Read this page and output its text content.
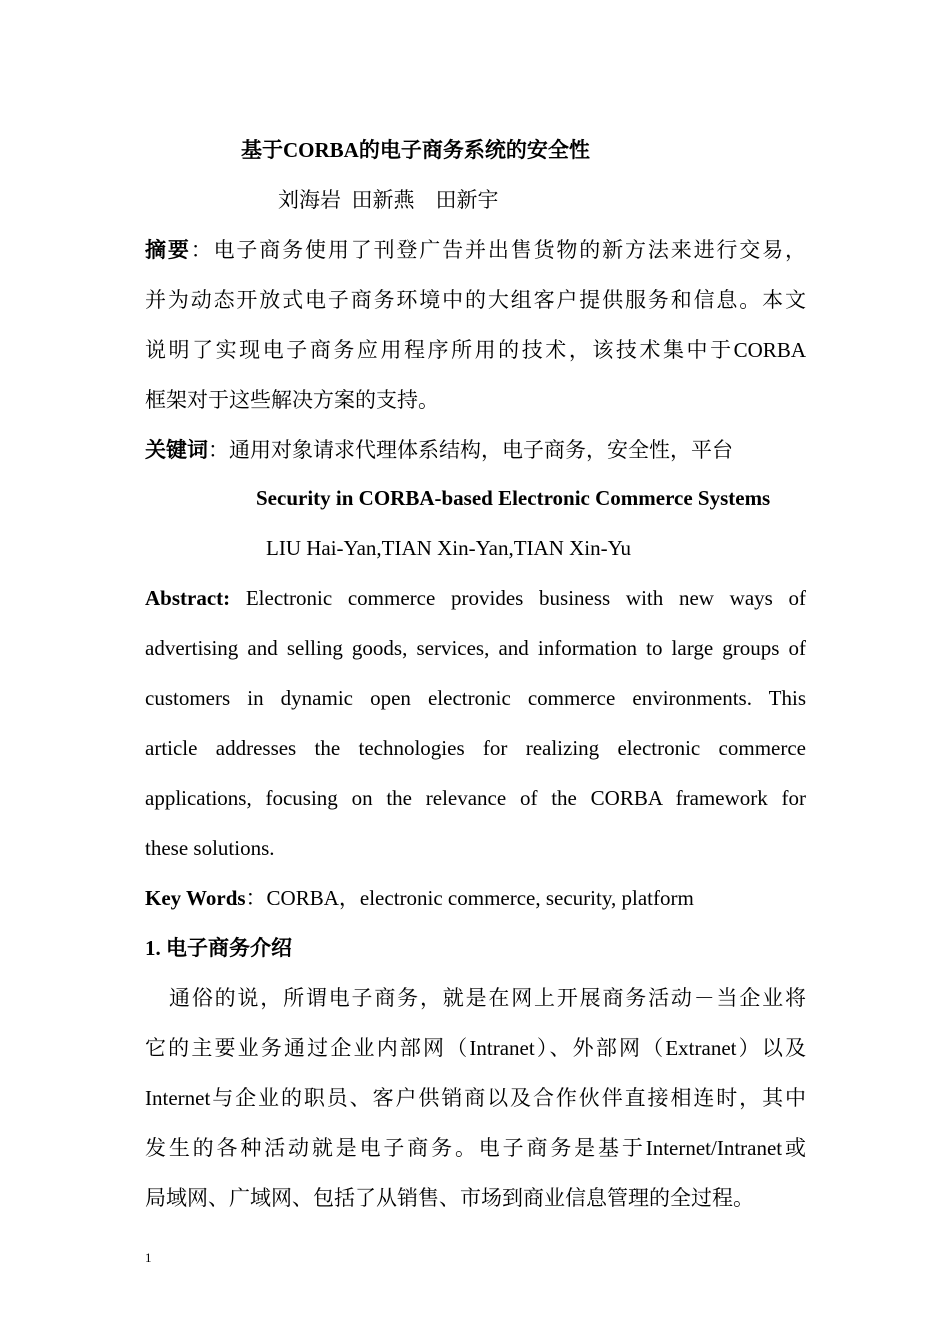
基于CORBA的电子商务系统的安全性
刘海岩  田新燕    田新宇
摘要：电子商务使用了刊登广告并出售货物的新方法来进行交易，
并为动态开放式电子商务环境中的大组客户提供服务和信息。本文
说明了实现电子商务应用程序所用的技术，该技术集中于CORBA
框架对于这些解决方案的支持。
关键词：通用对象请求代理体系结构，电子商务，安全性，平台
Security in CORBA-based Electronic Commerce Systems
LIU Hai-Yan,TIAN Xin-Yan,TIAN Xin-Yu
Abstract: Electronic commerce provides business with new ways of
advertising and selling goods, services, and information to large groups of
customers in dynamic open electronic commerce environments. This
article addresses the technologies for realizing electronic commerce
applications, focusing on the relevance of the CORBA framework for
these solutions.
Key Words：CORBA，electronic commerce, security, platform
1. 电子商务介绍
通俗的说，所谓电子商务，就是在网上开展商务活动－当企业将
它的主要业务通过企业内部网（Intranet）、外部网（Extranet）以及
Internet与企业的职员、客户供销商以及合作伙伴直接相连时，其中
发生的各种活动就是电子商务。电子商务是基于Internet/Intranet或
局域网、广域网、包括了从销售、市场到商业信息管理的全过程。
1
